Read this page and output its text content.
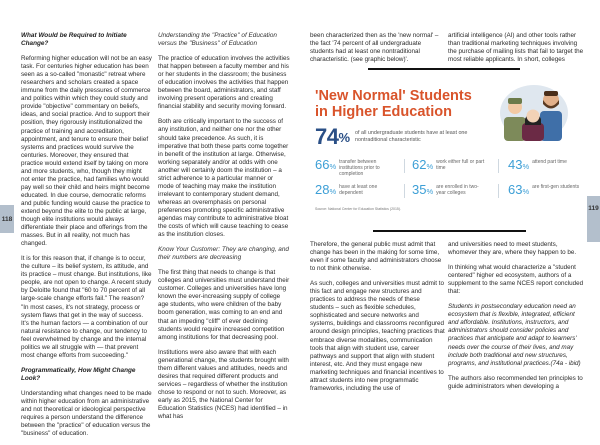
118
What Would be Required to Initiate Change?

Reforming higher education will not be an easy task. For centuries higher education has been seen as a so-called "monastic" retreat where researchers and scholars created a space immune from the daily pressures of commerce and politics within which they could study and provide "objective" commentary on beliefs, ideas, and social practice. And to support their position, they rigorously institutionalized the practice of training and accreditation, appointment, and tenure to ensure their belief systems and practices would survive the centuries. Moreover, they ensured that practice would extend itself by taking on more and more students, who, though they might not enter the practice, had families who would pay well so their child and heirs might become educated. In due course, democratic reforms and public funding would cause the practice to extend beyond the elite to the public at large, though elite institutions would always differentiate their place and offerings from the masses. But in all reality, not much has changed.

It is for this reason that, if change is to occur, the culture – its belief system, its attitude, and its practice – must change. But institutions, like people, are not open to change. A recent study by Deloitte found that "60 to 70 percent of all large-scale change efforts fail." The reason? "In most cases, it's not strategy, process or system flaws that get in the way of success. It's the human factors — a combination of our natural resistance to change, our tendency to feel overwhelmed by change and the internal politics we all struggle with — that prevent most change efforts from succeeding."

Programmatically, How Might Change Look?

Understanding what changes need to be made within higher education from an administrative and not theoretical or ideological perspective requires a person understand the difference between the "practice" of education versus the "business" of education.

Understanding the "Practice" of Education versus the "Business" of Education

The practice of education involves the activities that happen between a faculty member and his or her students in the classroom; the business of education involves the activities that happen between the board, administrators, and staff involving present operations and creating financial stability and security moving forward.

Both are critically important to the success of any institution, and neither one nor the other should take precedence. As such, it is imperative that both these parts come together in benefit of the institution at large. Otherwise, working separately and/or at odds with one another will certainly doom the institution – a strict adherence to a particular manner or mode of teaching may make the institution irrelevant to contemporary student demand, whereas an overemphasis on personal preferences promoting specific administrative agendas may contribute to administrative bloat the costs of which will cause teaching to cease as the institution closes.

Know Your Customer: They are changing, and their numbers are decreasing

The first thing that needs to change is that colleges and universities must understand their customer. Colleges and universities have long known the ever-increasing supply of college age students, who were children of the baby boom generation, was coming to an end and that an impeding "cliff" of ever declining students would require increased competition among institutions for that decreasing pool.

Institutions were also aware that with each generational change, the students brought with them different values and attitudes, needs and desires that required different products and services – regardless of whether the institution chose to respond or not to such. Moreover, as early as 2015, the National Center for Education Statistics (NCES) had identified – in what has

been characterized then as the 'new normal' – the fact '74 percent of all undergraduate students had at least one nontraditional characteristic. (see graphic below)'.

artificial intelligence (AI) and other tools rather than traditional marketing techniques involving the purchase of mailing lists that fail to target the most reliable applicants. In short, colleges

'New Normal' Students
in Higher Education
74 % of all undergraduate students have at least one nontraditional characteristic
66 % transfer between institutions prior to completion
62 % work either full or part time	43 % attend part time
28 % have at least one dependent	35 % are enrolled in two-year colleges	63 % are first-gen students
Source: National Center for Education Statistics (2015).	119

Therefore, the general public must admit that change has been in the making for some time, even if some faculty and administrators choose to not think otherwise.

As such, colleges and universities must admit to this fact and engage new structures and practices to address the needs of these students – such as flexible schedules, sophisticated and secure networks and systems, buildings and classrooms reconfigured around design principles, teaching practices that embrace diverse modalities, communication tools that align with student use, career pathways and support that align with student interest, etc. And they must engage new marketing techniques and financial incentives to attract students into new programmatic frameworks, including the use of

and universities need to meet students, whomever they are, where they happen to be.

In thinking what would characterize a "student centered" higher ed ecosystem, authors of a supplement to the same NCES report concluded that:

Students in postsecondary education need an ecosystem that is flexible, integrated, efficient and affordable. Institutions, instructors, and administrators should consider policies and practices that anticipate and adapt to learners' needs over the course of their lives, and may include both traditional and new structures, programs, and institutional practices.(74a - ibid)

The authors also recommended ten principles to guide administrators when developing a
